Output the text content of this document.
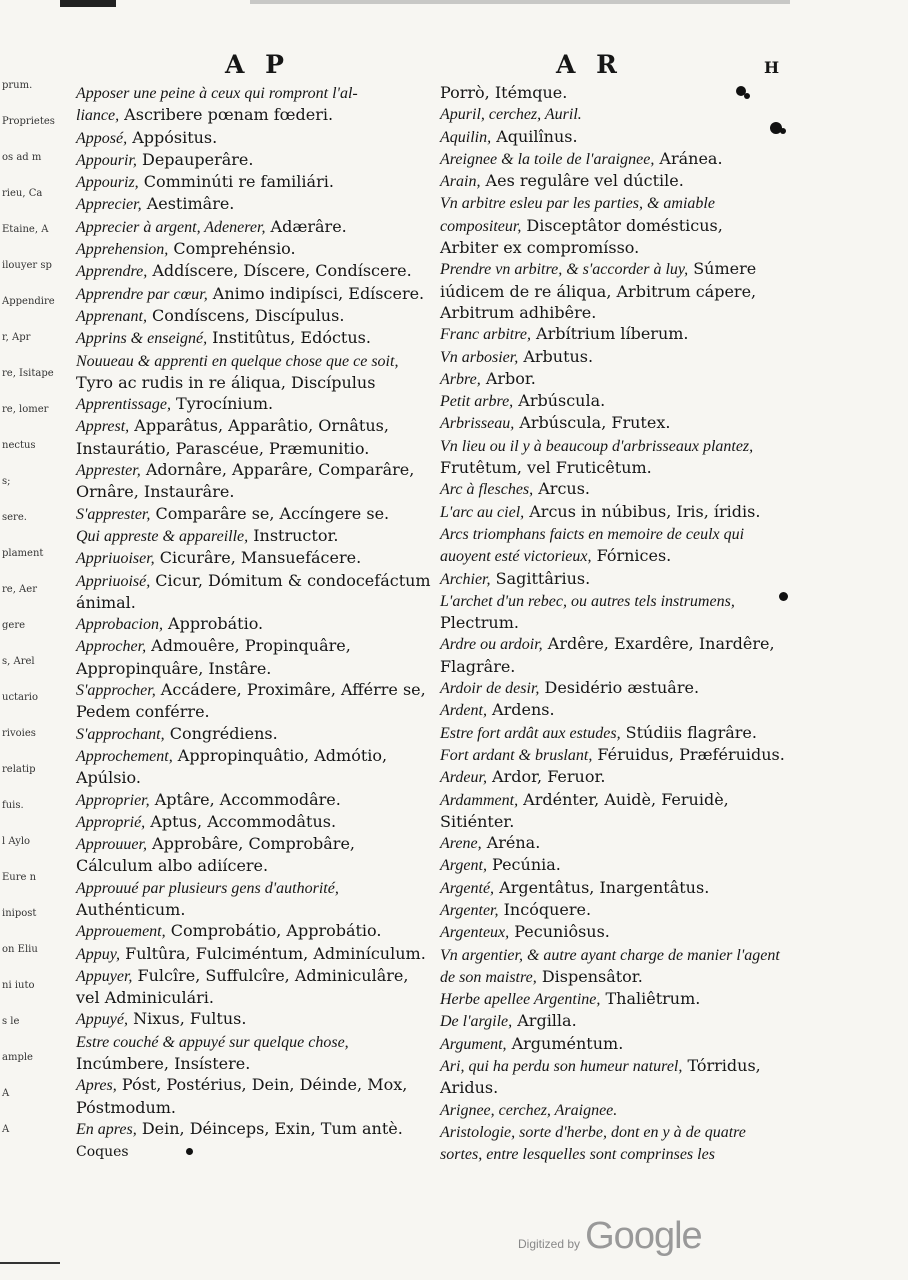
A P	A R	H
prum.
Proprietes
os ad m
rieu, Ca
Etaine, A
ilouyer sp
Appendire
r, Apr
re, Isitape
re, lomer
nectus
s;
sere.
plament
re, Aer
gere
s, Arel
uctario
rivoies
relatip
fuis.
l Aylo
Eure n
inipost
on Eliu
ni iuto
s le
ample
A
A

Apposer une peine à ceux qui rompront l'al-

liance, Ascribere pœnam fœderi.

Apposé, Appósitus.

Appourir, Depauperâre.

Appouriz, Comminúti re familiári.

Apprecier, Aestimâre.

Apprecier à argent, Adenerer, Adærâre.

Apprehension, Comprehénsio.

Apprendre, Addíscere, Díscere, Condíscere.

Apprendre par cœur, Animo indipísci, Edíscere.

Apprenant, Condíscens, Discípulus.

Apprins & enseigné, Institûtus, Edóctus.

Nouueau & apprenti en quelque chose que ce soit, Tyro ac rudis in re áliqua, Discípulus

Apprentissage, Tyrocínium.

Apprest, Apparâtus, Apparâtio, Ornâtus, Instaurátio, Parascéue, Præmunitio.

Apprester, Adornâre, Apparâre, Comparâre, Ornâre, Instaurâre.

S'apprester, Comparâre se, Accíngere se.

Qui appreste & appareille, Instructor.

Appriuoiser, Cicurâre, Mansuefácere.

Appriuoisé, Cicur, Dómitum & condocefáctum ánimal.

Approbacion, Approbátio.

Approcher, Admouêre, Propinquâre, Appropinquâre, Instâre.

S'approcher, Accádere, Proximâre, Afférre se, Pedem conférre.

S'approchant, Congrédiens.

Approchement, Appropinquâtio, Admótio, Apúlsio.

Approprier, Aptâre, Accommodâre.

Approprié, Aptus, Accommodâtus.

Approuuer, Approbâre, Comprobâre, Cálculum albo adiícere.

Approuué par plusieurs gens d'authorité, Authénticum.

Approuement, Comprobátio, Approbátio.

Appuy, Fultûra, Fulciméntum, Adminículum.

Appuyer, Fulcîre, Suffulcîre, Adminiculâre, vel Adminiculári.

Appuyé, Nixus, Fultus.

Estre couché & appuyé sur quelque chose, Incúmbere, Insístere.

Apres, Póst, Postérius, Dein, Déinde, Mox, Póstmodum.

En apres, Dein, Déinceps, Exin, Tum antè.

Porrò, Itémque.

Apuril, cerchez, Auril.

Aquilin, Aquilînus.

Areignee & la toile de l'araignee, Aránea.

Arain, Aes regulâre vel dúctile.

Vn arbitre esleu par les parties, & amiable compositeur, Disceptâtor domésticus, Arbiter ex compromísso.

Prendre vn arbitre, & s'accorder à luy, Súmere iúdicem de re áliqua, Arbitrum cápere, Arbitrum adhibêre.

Franc arbitre, Arbítrium líberum.

Vn arbosier, Arbutus.

Arbre, Arbor.

Petit arbre, Arbúscula.

Arbrisseau, Arbúscula, Frutex.

Vn lieu ou il y à beaucoup d'arbrisseaux plantez, Frutêtum, vel Fruticêtum.

Arc à flesches, Arcus.

L'arc au ciel, Arcus in núbibus, Iris, íridis.

Arcs triomphans faicts en memoire de ceulx qui auoyent esté victorieux, Fórnices.

Archier, Sagittârius.

L'archet d'un rebec, ou autres tels instrumens, Plectrum.

Ardre ou ardoir, Ardêre, Exardêre, Inardêre, Flagrâre.

Ardoir de desir, Desidério æstuâre.

Ardent, Ardens.

Estre fort ardât aux estudes, Stúdiis flagrâre.

Fort ardant & bruslant, Féruidus, Præféruidus.

Ardeur, Ardor, Feruor.

Ardamment, Ardénter, Auidè, Feruidè, Sitiénter.

Arene, Aréna.

Argent, Pecúnia.

Argenté, Argentâtus, Inargentâtus.

Argenter, Incóquere.

Argenteux, Pecuniôsus.

Vn argentier, & autre ayant charge de manier l'agent de son maistre, Dispensâtor.

Herbe apellee Argentine, Thaliêtrum.

De l'argile, Argilla.

Argument, Arguméntum.

Ari, qui ha perdu son humeur naturel, Tórridus, Aridus.

Arignee, cerchez, Araignee.

Aristologie, sorte d'herbe, dont en y à de quatre sortes, entre lesquelles sont comprinses les

Coques

Digitized by Google
